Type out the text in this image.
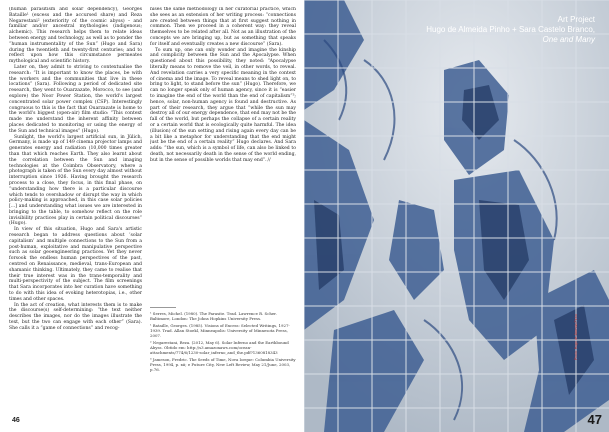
(human parasitism and solar dependency), Georges Bataille¹ (excess and the accursed share) and Reza Negarestani² (exteriority of the cosmic abyss) – and familiar and/or ancestral mythologies (indigenous; alchemic). This research helps them to relate ideas between energy and technology, as well as to ponder the “human instrumentality of the Sun” (Hugo and Sara) during the twentieth and twenty-first centuries; and to reflect upon how this circumstance permeates mythological and scientific history.

Later on, they admit to striving to contextualise the research: “It is important to know the places, be with the workers and the communities that live in these locations” (Sara). Following a period of dedicated site research, they went to Ouarzazate, Morocco, to see (and explore) the Noor Power Station, the world's largest concentrated solar power complex (CSP). Interestingly congruous to this is the fact that Ouarzazate is home to the world's biggest (open-air) film studio: “This context made me understand the inherent affinity between places dedicated to monitoring or using the energy of the Sun and technical images” (Hugo).

Sunlight, the world's largest artificial sun, in Jülich, Germany, is made up of 149 cinema projector lamps and generates energy and radiation (10,000 times greater than that which reaches Earth. They also learnt about the correlation between the Sun and imaging technologies at the Coimbra Observatory, where a photograph is taken of the Sun every day almost without interruption since 1926. Having brought the research process to a close, they focus, in this final phase, on “understanding how there is a particular discourse which tends to overshadow or disrupt the way in which policy-making is approached, in this case solar policies [...] and understanding what issues we are interested in bringing to the table, to somehow reflect on the role invisibility practices play in certain political discourses” (Hugo).

In view of this situation, Hugo and Sara's artistic research began to address questions about ‘solar capitalism’ and multiple connections to the Sun from a post-human, exploitative and manipulative perspective such as solar geoengineering practices. Yet they never forsook the endless human perspectives of the past, centred on Renaissance, medieval, trans-European and shamanic thinking. Ultimately, they came to realise that their true interest was in the trans-temporality and multi-perspectivity of the subject. The film screenings that Sara incorporates into her curation have something to do with this idea of evoking heterotopias, i.e., other times and other spaces.

In the act of creation, what interests them is to make the discourse(s) self-determining: “the text neither describes the images, nor do the images illustrate the text, but the two can engage with each other” (Sara). She calls it a “game of connections” and recog-

nises the same methodology in her curatorial practice, which she sees as an extension of her writing process: “connections are created between things that at first suggest nothing in common. Then we proceed in a coherent way: they reveal themselves to be related after all. Not as an illustration of the concepts we are bringing up, but as something that speaks for itself and eventually creates a new discourse” (Sara).

To sum up, one can only wonder and imagine the kinship and complicity between the Sun and the Apocalypse. When questioned about this possibility, they noted: “Apocalypse literally means to remove the veil, in other words, to reveal. And revelation carries a very specific meaning in the context of cinema and the image. To reveal means to shed light on, to bring to light, to stand before the sun” (Hugo). Therefore, we can no longer speak only of human agency, since it is “easier to imagine the end of the world than the end of capitalism”³; hence, solar, non-human agency is found and destructive. As part of their research, they argue that “while the sun may destroy all of our energy dependence, that end may not be the fall of the world, but perhaps the collapse of a certain reality or a certain world that is ecologically quite harmful. The idea (illusion) of the sun setting and rising again every day can be a bit like a metaphor for understanding that the end might just be the end of a certain reality” Hugo declares. And Sara adds: “the sun, which is a symbol of life, can also be linked to death, not necessarily death in the sense of the world ending, but in the sense of possible worlds that may end”. //

¹ Serres, Michel. (1980). The Parasite. Trad. Lawrence R. Scher. Baltimore, London: The Johns Hopkins University Press.
¹ Bataille, Georges. (1985). Visions of Excess: Selected Writings, 1927-1939. Trad. Allan Stoekl, Minneapolis: University of Minnesota Press, 2007.
² Negarestani, Reza. (2012, May 6). Solar Inferno and the Earthbound Abyss. Obtido em: http://s3.amazonaws.com/ocean-attachments/774/6/1230-solar_inferno_and_the.pdf?1360818343
³ Jameson, Fredric. The Seeds of Time, Nova Iorque: Columbia University Press, 1994, p. xii; e Future City, New Left Review, May 21/June, 2003, p.76.
46
Art Project
Hugo de Almeida Pinho + Sara Castelo Branco,
One and Many
Photo: Hugo de Almeida Pinho
47
